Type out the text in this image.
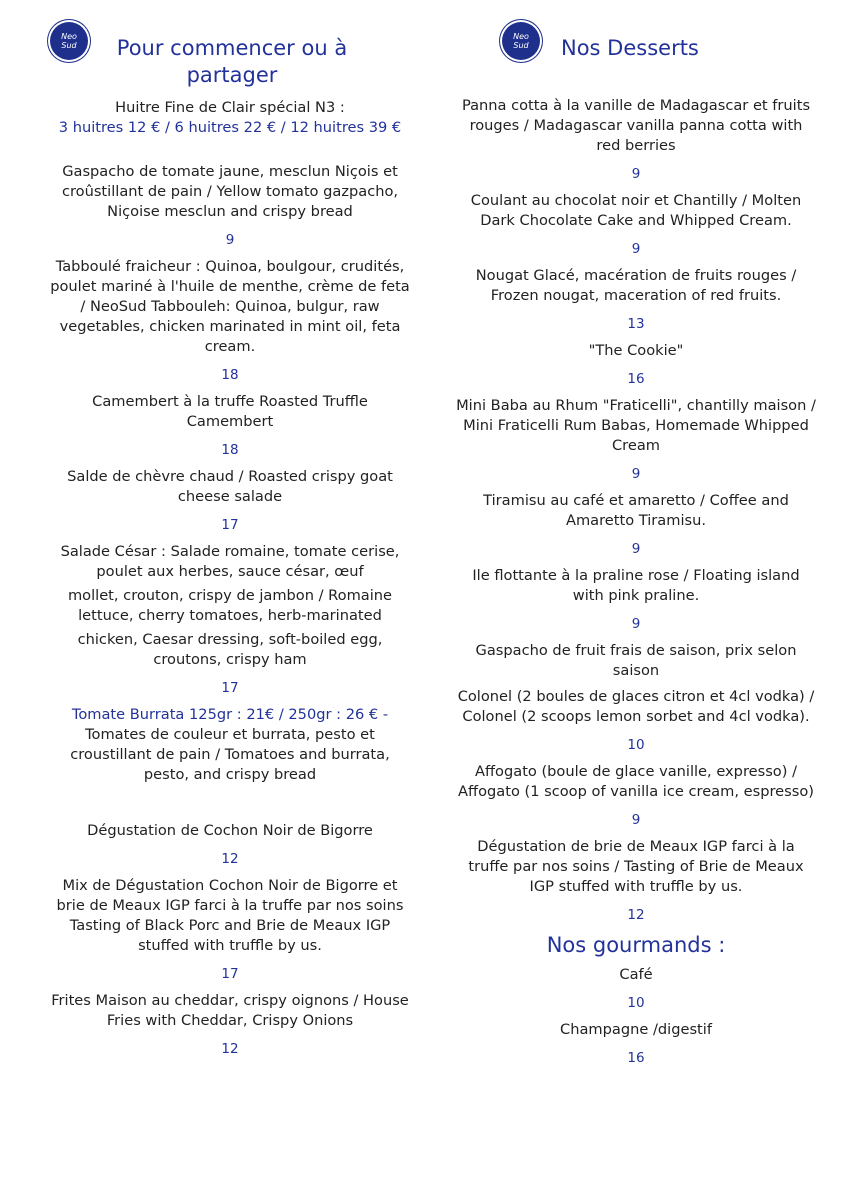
Neo
Sud	Pour commencer ou à partager
Huitre Fine de Clair spécial N3 :
3 huitres 12 € / 6 huitres 22 € / 12 huitres 39 €
Gaspacho de tomate jaune, mesclun Niçois et croûstillant de pain / Yellow tomato gazpacho, Niçoise mesclun and crispy bread
9
Tabboulé fraicheur : Quinoa, boulgour, crudités, poulet mariné à l'huile de menthe, crème de feta / NeoSud Tabbouleh: Quinoa, bulgur, raw vegetables, chicken marinated in mint oil, feta cream.
18
Camembert à la truffe Roasted Truffle Camembert
18
Salde de chèvre chaud / Roasted crispy goat cheese salade
17
Salade César : Salade romaine, tomate cerise, poulet aux herbes, sauce césar, œuf
mollet, crouton, crispy de jambon / Romaine lettuce, cherry tomatoes, herb-marinated
chicken, Caesar dressing, soft-boiled egg, croutons, crispy ham
17
Tomate Burrata 125gr : 21€ / 250gr : 26 € -
Tomates de couleur et burrata, pesto et croustillant de pain / Tomatoes and burrata, pesto, and crispy bread
Dégustation de Cochon Noir de Bigorre
12
Mix de Dégustation Cochon Noir de Bigorre et brie de Meaux IGP farci à la truffe par nos soins Tasting of Black Porc and Brie de Meaux IGP stuffed with truffle by us.
17
Frites Maison au cheddar, crispy oignons / House Fries with Cheddar, Crispy Onions
12
Neo
Sud Nos Desserts
Panna cotta à la vanille de Madagascar et fruits rouges / Madagascar vanilla panna cotta with red berries
9
Coulant au chocolat noir et Chantilly / Molten Dark Chocolate Cake and Whipped Cream.
9
Nougat Glacé, macération de fruits rouges / Frozen nougat, maceration of red fruits.
13
"The Cookie"
16
Mini Baba au Rhum "Fraticelli", chantilly maison / Mini Fraticelli Rum Babas, Homemade Whipped Cream
9
Tiramisu au café et amaretto / Coffee and Amaretto Tiramisu.
9
Ile flottante à la praline rose / Floating island with pink praline.
9
Gaspacho de fruit frais de saison, prix selon saison
Colonel (2 boules de glaces citron et 4cl vodka) / Colonel (2 scoops lemon sorbet and 4cl vodka).
10
Affogato (boule de glace vanille, expresso) / Affogato (1 scoop of vanilla ice cream, espresso)
9
Dégustation de brie de Meaux IGP farci à la truffe par nos soins / Tasting of Brie de Meaux IGP stuffed with truffle by us.
12
Nos gourmands :
Café
10
Champagne /digestif
16
